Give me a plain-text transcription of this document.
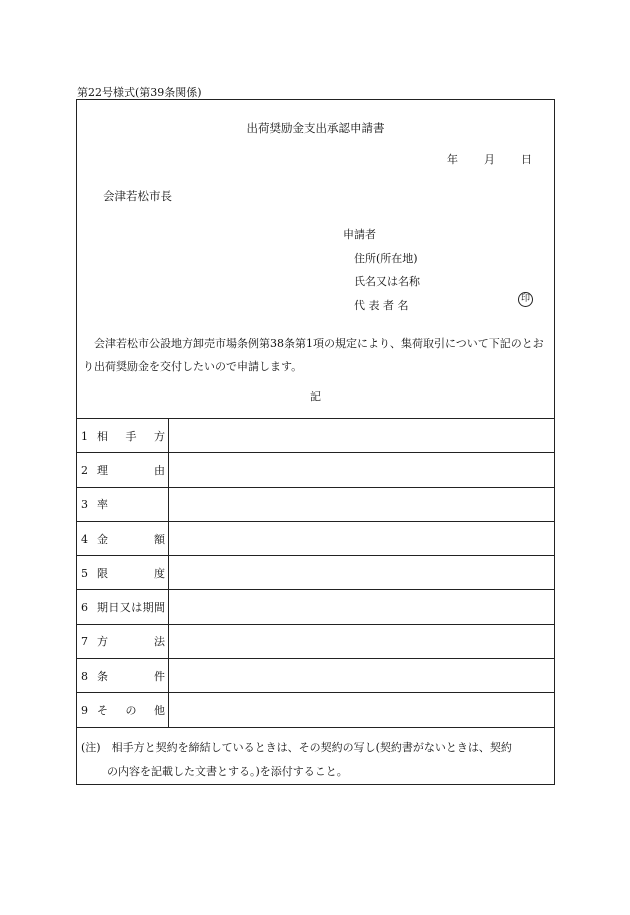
第22号様式(第39条関係)
出荷奨励金支出承認申請書
年 月 日
会津若松市長
申請者
住所(所在地)
氏名又は名称
代 表 者 名	印
会津若松市公設地方卸売市場条例第38条第1項の規定により、集荷取引について下記のとおり出荷奨励金を交付したいので申請します。
記
1 相手方	
2 理由	
3 率	
4 金額	
5 限度	
6 期日又は期間	
7 方法	
8 条件	
9 その他	
(注)　相手方と契約を締結しているときは、その契約の写し(契約書がないときは、契約
の内容を記載した文書とする。)を添付すること。
